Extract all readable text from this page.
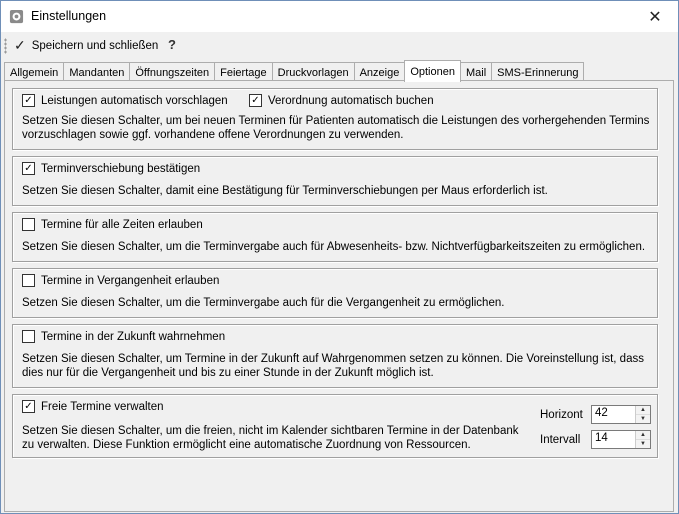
Einstellungen	✕
✓ Speichern und schließen ?
Allgemein	Mandanten	Öffnungszeiten	Feiertage	Druckvorlagen	Anzeige	Optionen	Mail	SMS-Erinnerung
✓ Leistungen automatisch vorschlagen ✓ Verordnung automatisch buchen
Setzen Sie diesen Schalter, um bei neuen Terminen für Patienten automatisch die Leistungen des vorhergehenden Termins
vorzuschlagen sowie ggf. vorhandene offene Verordnungen zu verwenden.
✓ Terminverschiebung bestätigen
Setzen Sie diesen Schalter, damit eine Bestätigung für Terminverschiebungen per Maus erforderlich ist.
Termine für alle Zeiten erlauben
Setzen Sie diesen Schalter, um die Terminvergabe auch für Abwesenheits- bzw. Nichtverfügbarkeitszeiten zu ermöglichen.
Termine in Vergangenheit erlauben
Setzen Sie diesen Schalter, um die Terminvergabe auch für die Vergangenheit zu ermöglichen.
Termine in der Zukunft wahrnehmen
Setzen Sie diesen Schalter, um Termine in der Zukunft auf Wahrgenommen setzen zu können. Die Voreinstellung ist, dass
dies nur für die Vergangenheit und bis zu einer Stunde in der Zukunft möglich ist.
✓ Freie Termine verwalten
Setzen Sie diesen Schalter, um die freien, nicht im Kalender sichtbaren Termine in der Datenbank
zu verwalten. Diese Funktion ermöglicht eine automatische Zuordnung von Ressourcen.
Horizont 42	▲
▼
Intervall 14	▲
▼
